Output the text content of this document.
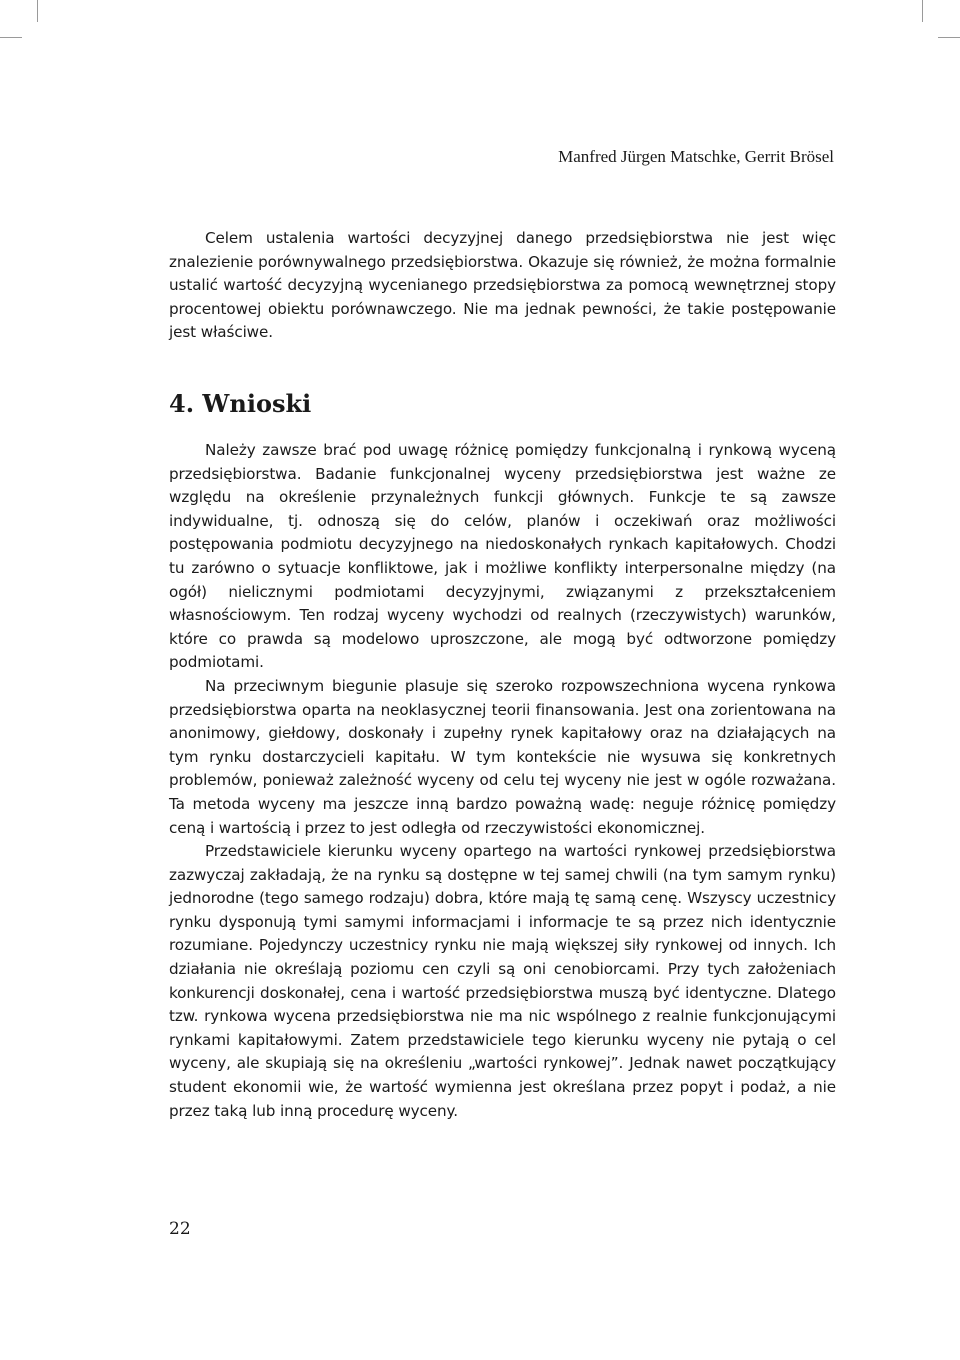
Manfred Jürgen Matschke, Gerrit Brösel

Celem ustalenia wartości decyzyjnej danego przedsiębiorstwa nie jest więc znalezienie porównywalnego przedsiębiorstwa. Okazuje się również, że można formalnie ustalić wartość decyzyjną wycenianego przedsiębiorstwa za pomocą wewnętrznej stopy procentowej obiektu porównawczego. Nie ma jednak pewności, że takie postępowanie jest właściwe.

4. Wnioski

Należy zawsze brać pod uwagę różnicę pomiędzy funkcjonalną i rynkową wyceną przedsiębiorstwa. Badanie funkcjonalnej wyceny przedsiębiorstwa jest ważne ze względu na określenie przynależnych funkcji głównych. Funkcje te są zawsze indywidualne, tj. odnoszą się do celów, planów i oczekiwań oraz możliwości postępowania podmiotu decyzyjnego na niedoskonałych rynkach kapitałowych. Chodzi tu zarówno o sytuacje konfliktowe, jak i możliwe konflikty interpersonalne między (na ogół) nielicznymi podmiotami decyzyjnymi, związanymi z przekształceniem własnościowym. Ten rodzaj wyceny wychodzi od realnych (rzeczywistych) warunków, które co prawda są modelowo uproszczone, ale mogą być odtworzone pomiędzy podmiotami.

Na przeciwnym biegunie plasuje się szeroko rozpowszechniona wycena rynkowa przedsiębiorstwa oparta na neoklasycznej teorii finansowania. Jest ona zorientowana na anonimowy, giełdowy, doskonały i zupełny rynek kapitałowy oraz na działających na tym rynku dostarczycieli kapitału. W tym kontekście nie wysuwa się konkretnych problemów, ponieważ zależność wyceny od celu tej wyceny nie jest w ogóle rozważana. Ta metoda wyceny ma jeszcze inną bardzo poważną wadę: neguje różnicę pomiędzy ceną i wartością i przez to jest odległa od rzeczywistości ekonomicznej.

Przedstawiciele kierunku wyceny opartego na wartości rynkowej przedsiębiorstwa zazwyczaj zakładają, że na rynku są dostępne w tej samej chwili (na tym samym rynku) jednorodne (tego samego rodzaju) dobra, które mają tę samą cenę. Wszyscy uczestnicy rynku dysponują tymi samymi informacjami i informacje te są przez nich identycznie rozumiane. Pojedynczy uczestnicy rynku nie mają większej siły rynkowej od innych. Ich działania nie określają poziomu cen czyli są oni cenobiorcami. Przy tych założeniach konkurencji doskonałej, cena i wartość przedsiębiorstwa muszą być identyczne. Dlatego tzw. rynkowa wycena przedsiębiorstwa nie ma nic wspólnego z realnie funkcjonującymi rynkami kapitałowymi. Zatem przedstawiciele tego kierunku wyceny nie pytają o cel wyceny, ale skupiają się na określeniu „wartości rynkowej”. Jednak nawet początkujący student ekonomii wie, że wartość wymienna jest określana przez popyt i podaż, a nie przez taką lub inną procedurę wyceny.

22
